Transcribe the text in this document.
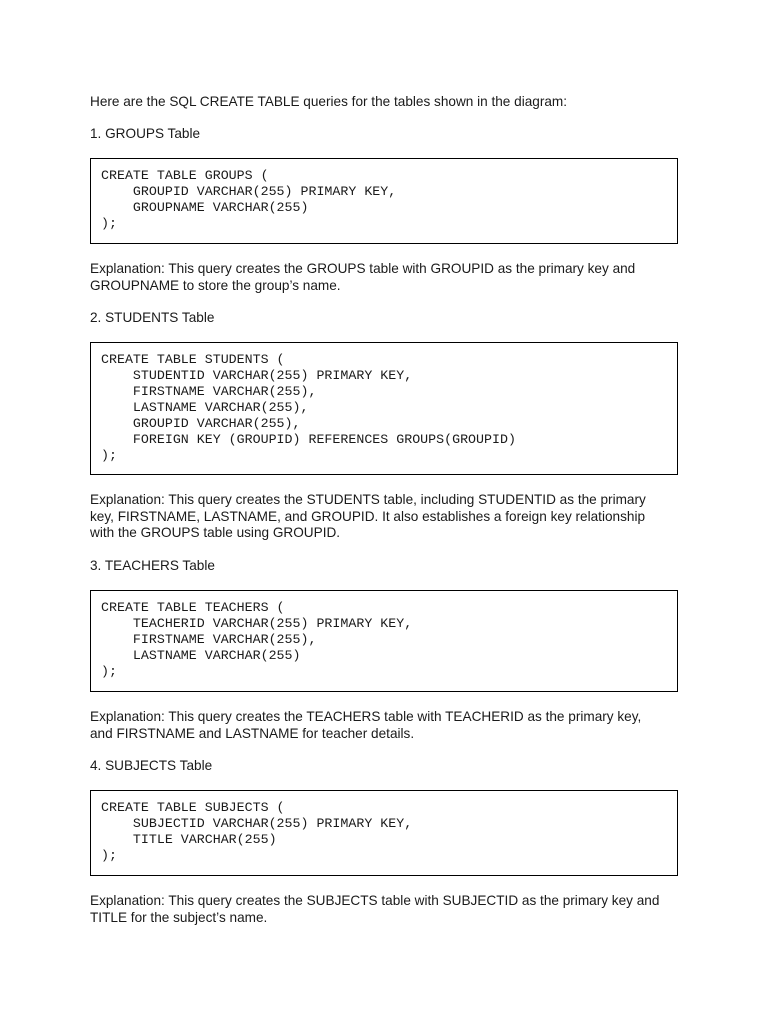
Here are the SQL CREATE TABLE queries for the tables shown in the diagram:
1. GROUPS Table
CREATE TABLE GROUPS (
GROUPID VARCHAR(255) PRIMARY KEY,
GROUPNAME VARCHAR(255)
);
Explanation: This query creates the GROUPS table with GROUPID as the primary key and
GROUPNAME to store the group’s name.
2. STUDENTS Table
CREATE TABLE STUDENTS (
STUDENTID VARCHAR(255) PRIMARY KEY,
FIRSTNAME VARCHAR(255),
LASTNAME VARCHAR(255),
GROUPID VARCHAR(255),
FOREIGN KEY (GROUPID) REFERENCES GROUPS(GROUPID)
);
Explanation: This query creates the STUDENTS table, including STUDENTID as the primary
key, FIRSTNAME, LASTNAME, and GROUPID. It also establishes a foreign key relationship
with the GROUPS table using GROUPID.
3. TEACHERS Table
CREATE TABLE TEACHERS (
TEACHERID VARCHAR(255) PRIMARY KEY,
FIRSTNAME VARCHAR(255),
LASTNAME VARCHAR(255)
);
Explanation: This query creates the TEACHERS table with TEACHERID as the primary key,
and FIRSTNAME and LASTNAME for teacher details.
4. SUBJECTS Table
CREATE TABLE SUBJECTS (
SUBJECTID VARCHAR(255) PRIMARY KEY,
TITLE VARCHAR(255)
);
Explanation: This query creates the SUBJECTS table with SUBJECTID as the primary key and
TITLE for the subject’s name.
